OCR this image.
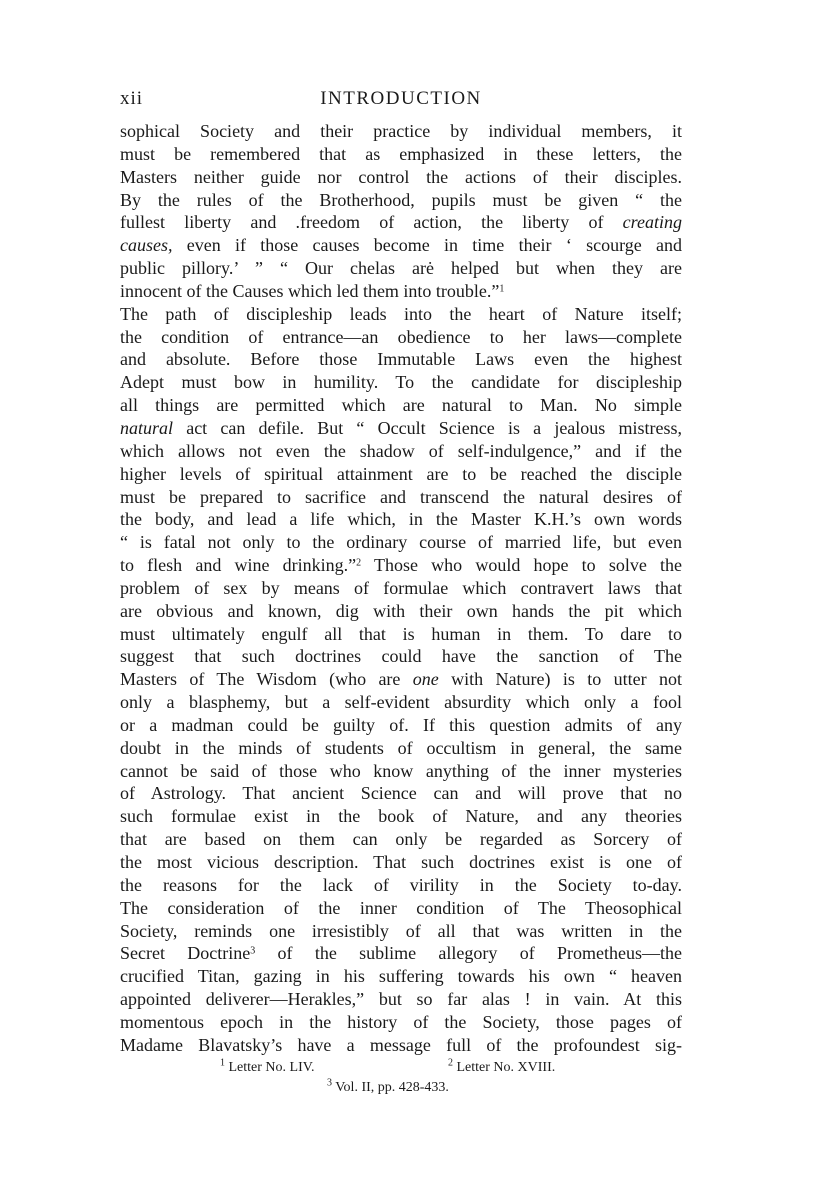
xii	INTRODUCTION
sophical Society and their practice by individual members, it
must be remembered that as emphasized in these letters, the
Masters neither guide nor control the actions of their disciples.
By the rules of the Brotherhood, pupils must be given “ the
fullest liberty and .freedom of action, the liberty of creating
causes, even if those causes become in time their ‘ scourge and
public pillory.’ ” “ Our chelas arė helped but when they are
innocent of the Causes which led them into trouble.”$^1$
The path of discipleship leads into the heart of Nature itself;
the condition of entrance—an obedience to her laws—complete
and absolute. Before those Immutable Laws even the highest
Adept must bow in humility. To the candidate for discipleship
all things are permitted which are natural to Man. No simple
natural act can defile. But “ Occult Science is a jealous mistress,
which allows not even the shadow of self-indulgence,” and if the
higher levels of spiritual attainment are to be reached the disciple
must be prepared to sacrifice and transcend the natural desires of
the body, and lead a life which, in the Master K.H.’s own words
“ is fatal not only to the ordinary course of married life, but even
to flesh and wine drinking.”$^2$ Those who would hope to solve the
problem of sex by means of formulae which contravert laws that
are obvious and known, dig with their own hands the pit which
must ultimately engulf all that is human in them. To dare to
suggest that such doctrines could have the sanction of The
Masters of The Wisdom (who are one with Nature) is to utter not
only a blasphemy, but a self-evident absurdity which only a fool
or a madman could be guilty of. If this question admits of any
doubt in the minds of students of occultism in general, the same
cannot be said of those who know anything of the inner mysteries
of Astrology. That ancient Science can and will prove that no
such formulae exist in the book of Nature, and any theories
that are based on them can only be regarded as Sorcery of
the most vicious description. That such doctrines exist is one of
the reasons for the lack of virility in the Society to-day.
The consideration of the inner condition of The Theosophical
Society, reminds one irresistibly of all that was written in the
Secret Doctrine$^3$ of the sublime allegory of Prometheus—the
crucified Titan, gazing in his suffering towards his own “ heaven
appointed deliverer—Herakles,” but so far alas ! in vain. At this
momentous epoch in the history of the Society, those pages of
Madame Blavatsky’s have a message full of the profoundest sig-
$^1$ Letter No. LIV.	$^2$ Letter No. XVIII.
$^3$ Vol. II, pp. 428-433.
